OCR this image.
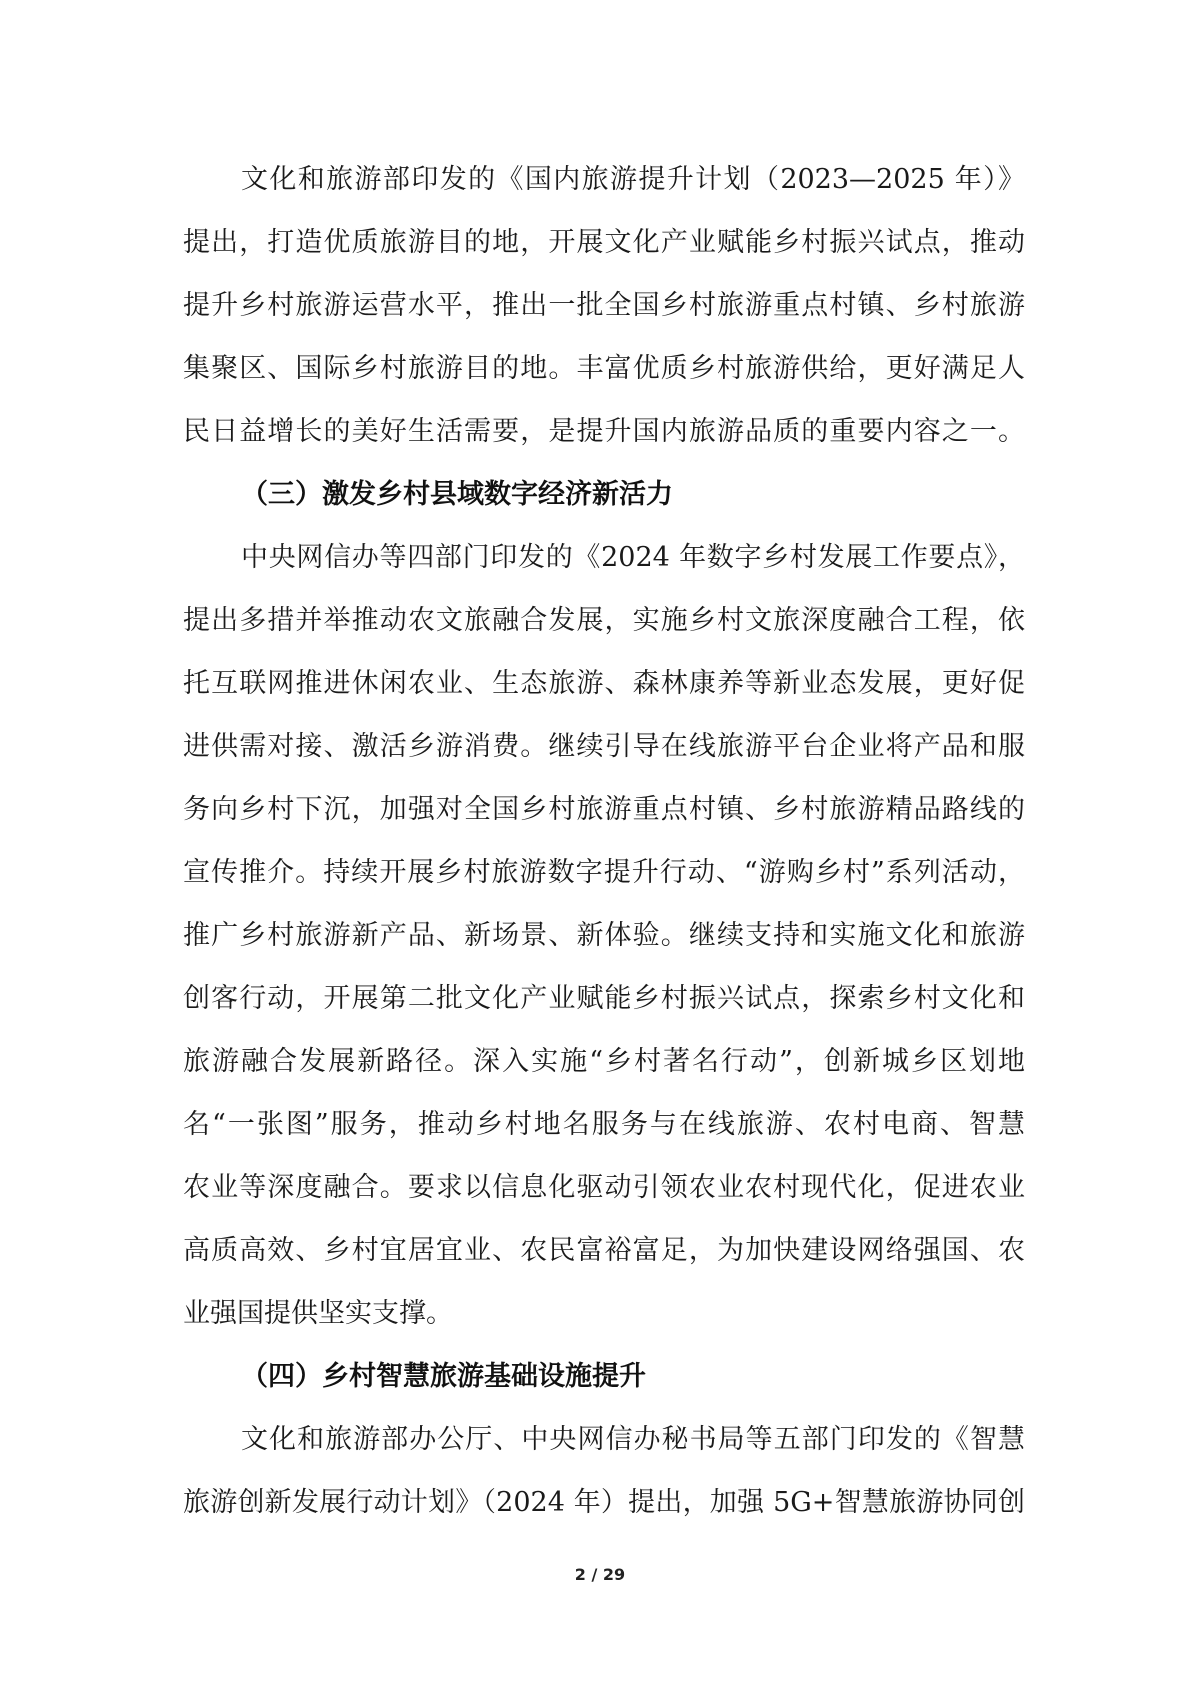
文化和旅游部印发的《国内旅游提升计划（2023—2025 年）》
提出，打造优质旅游目的地，开展文化产业赋能乡村振兴试点，推动
提升乡村旅游运营水平，推出一批全国乡村旅游重点村镇、乡村旅游
集聚区、国际乡村旅游目的地。丰富优质乡村旅游供给，更好满足人
民日益增长的美好生活需要，是提升国内旅游品质的重要内容之一。
（三）激发乡村县域数字经济新活力
中央网信办等四部门印发的《2024 年数字乡村发展工作要点》，
提出多措并举推动农文旅融合发展，实施乡村文旅深度融合工程，依
托互联网推进休闲农业、生态旅游、森林康养等新业态发展，更好促
进供需对接、激活乡游消费。继续引导在线旅游平台企业将产品和服
务向乡村下沉，加强对全国乡村旅游重点村镇、乡村旅游精品路线的
宣传推介。持续开展乡村旅游数字提升行动、“游购乡村”系列活动，
推广乡村旅游新产品、新场景、新体验。继续支持和实施文化和旅游
创客行动，开展第二批文化产业赋能乡村振兴试点，探索乡村文化和
旅游融合发展新路径。深入实施“乡村著名行动”，创新城乡区划地
名“一张图”服务，推动乡村地名服务与在线旅游、农村电商、智慧
农业等深度融合。要求以信息化驱动引领农业农村现代化，促进农业
高质高效、乡村宜居宜业、农民富裕富足，为加快建设网络强国、农
业强国提供坚实支撑。
（四）乡村智慧旅游基础设施提升
文化和旅游部办公厅、中央网信办秘书局等五部门印发的《智慧
旅游创新发展行动计划》（2024 年）提出，加强 5G+智慧旅游协同创
2 / 29
